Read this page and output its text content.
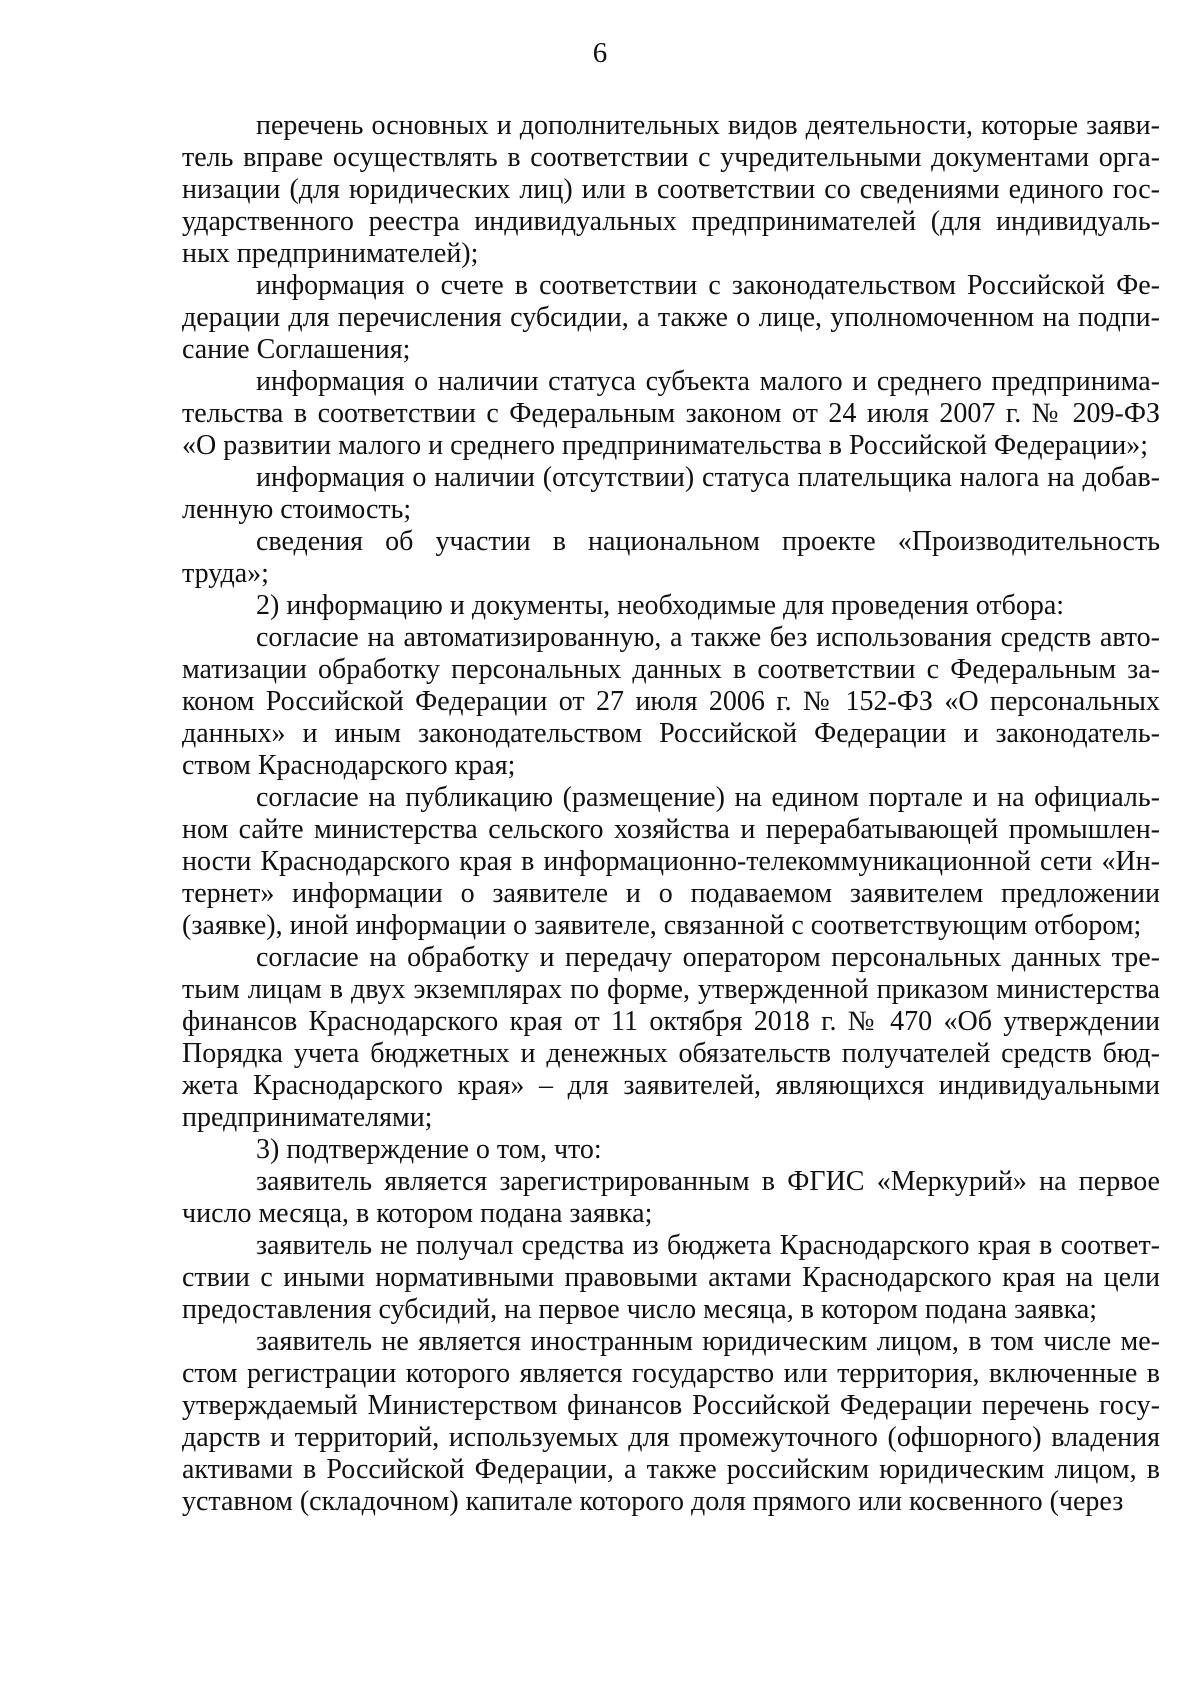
6
перечень основных и дополнительных видов деятельности, которые заяви-
тель вправе осуществлять в соответствии с учредительными документами орга-
низации (для юридических лиц) или в соответствии со сведениями единого гос-
ударственного реестра индивидуальных предпринимателей (для индивидуаль-
ных предпринимателей);
информация о счете в соответствии с законодательством Российской Фе-
дерации для перечисления субсидии, а также о лице, уполномоченном на подпи-
сание Соглашения;
информация о наличии статуса субъекта малого и среднего предпринима-
тельства в соответствии с Федеральным законом от 24 июля 2007 г. № 209-ФЗ
«О развитии малого и среднего предпринимательства в Российской Федерации»;
информация о наличии (отсутствии) статуса плательщика налога на добав-
ленную стоимость;
сведения об участии в национальном проекте «Производительность
труда»;
2) информацию и документы, необходимые для проведения отбора:
согласие на автоматизированную, а также без использования средств авто-
матизации обработку персональных данных в соответствии с Федеральным за-
коном Российской Федерации от 27 июля 2006 г. № 152-ФЗ «О персональных
данных» и иным законодательством Российской Федерации и законодатель-
ством Краснодарского края;
согласие на публикацию (размещение) на едином портале и на официаль-
ном сайте министерства сельского хозяйства и перерабатывающей промышлен-
ности Краснодарского края в информационно-телекоммуникационной сети «Ин-
тернет» информации о заявителе и о подаваемом заявителем предложении
(заявке), иной информации о заявителе, связанной с соответствующим отбором;
согласие на обработку и передачу оператором персональных данных тре-
тьим лицам в двух экземплярах по форме, утвержденной приказом министерства
финансов Краснодарского края от 11 октября 2018 г. № 470 «Об утверждении
Порядка учета бюджетных и денежных обязательств получателей средств бюд-
жета Краснодарского края» – для заявителей, являющихся индивидуальными
предпринимателями;
3) подтверждение о том, что:
заявитель является зарегистрированным в ФГИС «Меркурий» на первое
число месяца, в котором подана заявка;
заявитель не получал средства из бюджета Краснодарского края в соответ-
ствии с иными нормативными правовыми актами Краснодарского края на цели
предоставления субсидий, на первое число месяца, в котором подана заявка;
заявитель не является иностранным юридическим лицом, в том числе ме-
стом регистрации которого является государство или территория, включенные в
утверждаемый Министерством финансов Российской Федерации перечень госу-
дарств и территорий, используемых для промежуточного (офшорного) владения
активами в Российской Федерации, а также российским юридическим лицом, в
уставном (складочном) капитале которого доля прямого или косвенного (через
